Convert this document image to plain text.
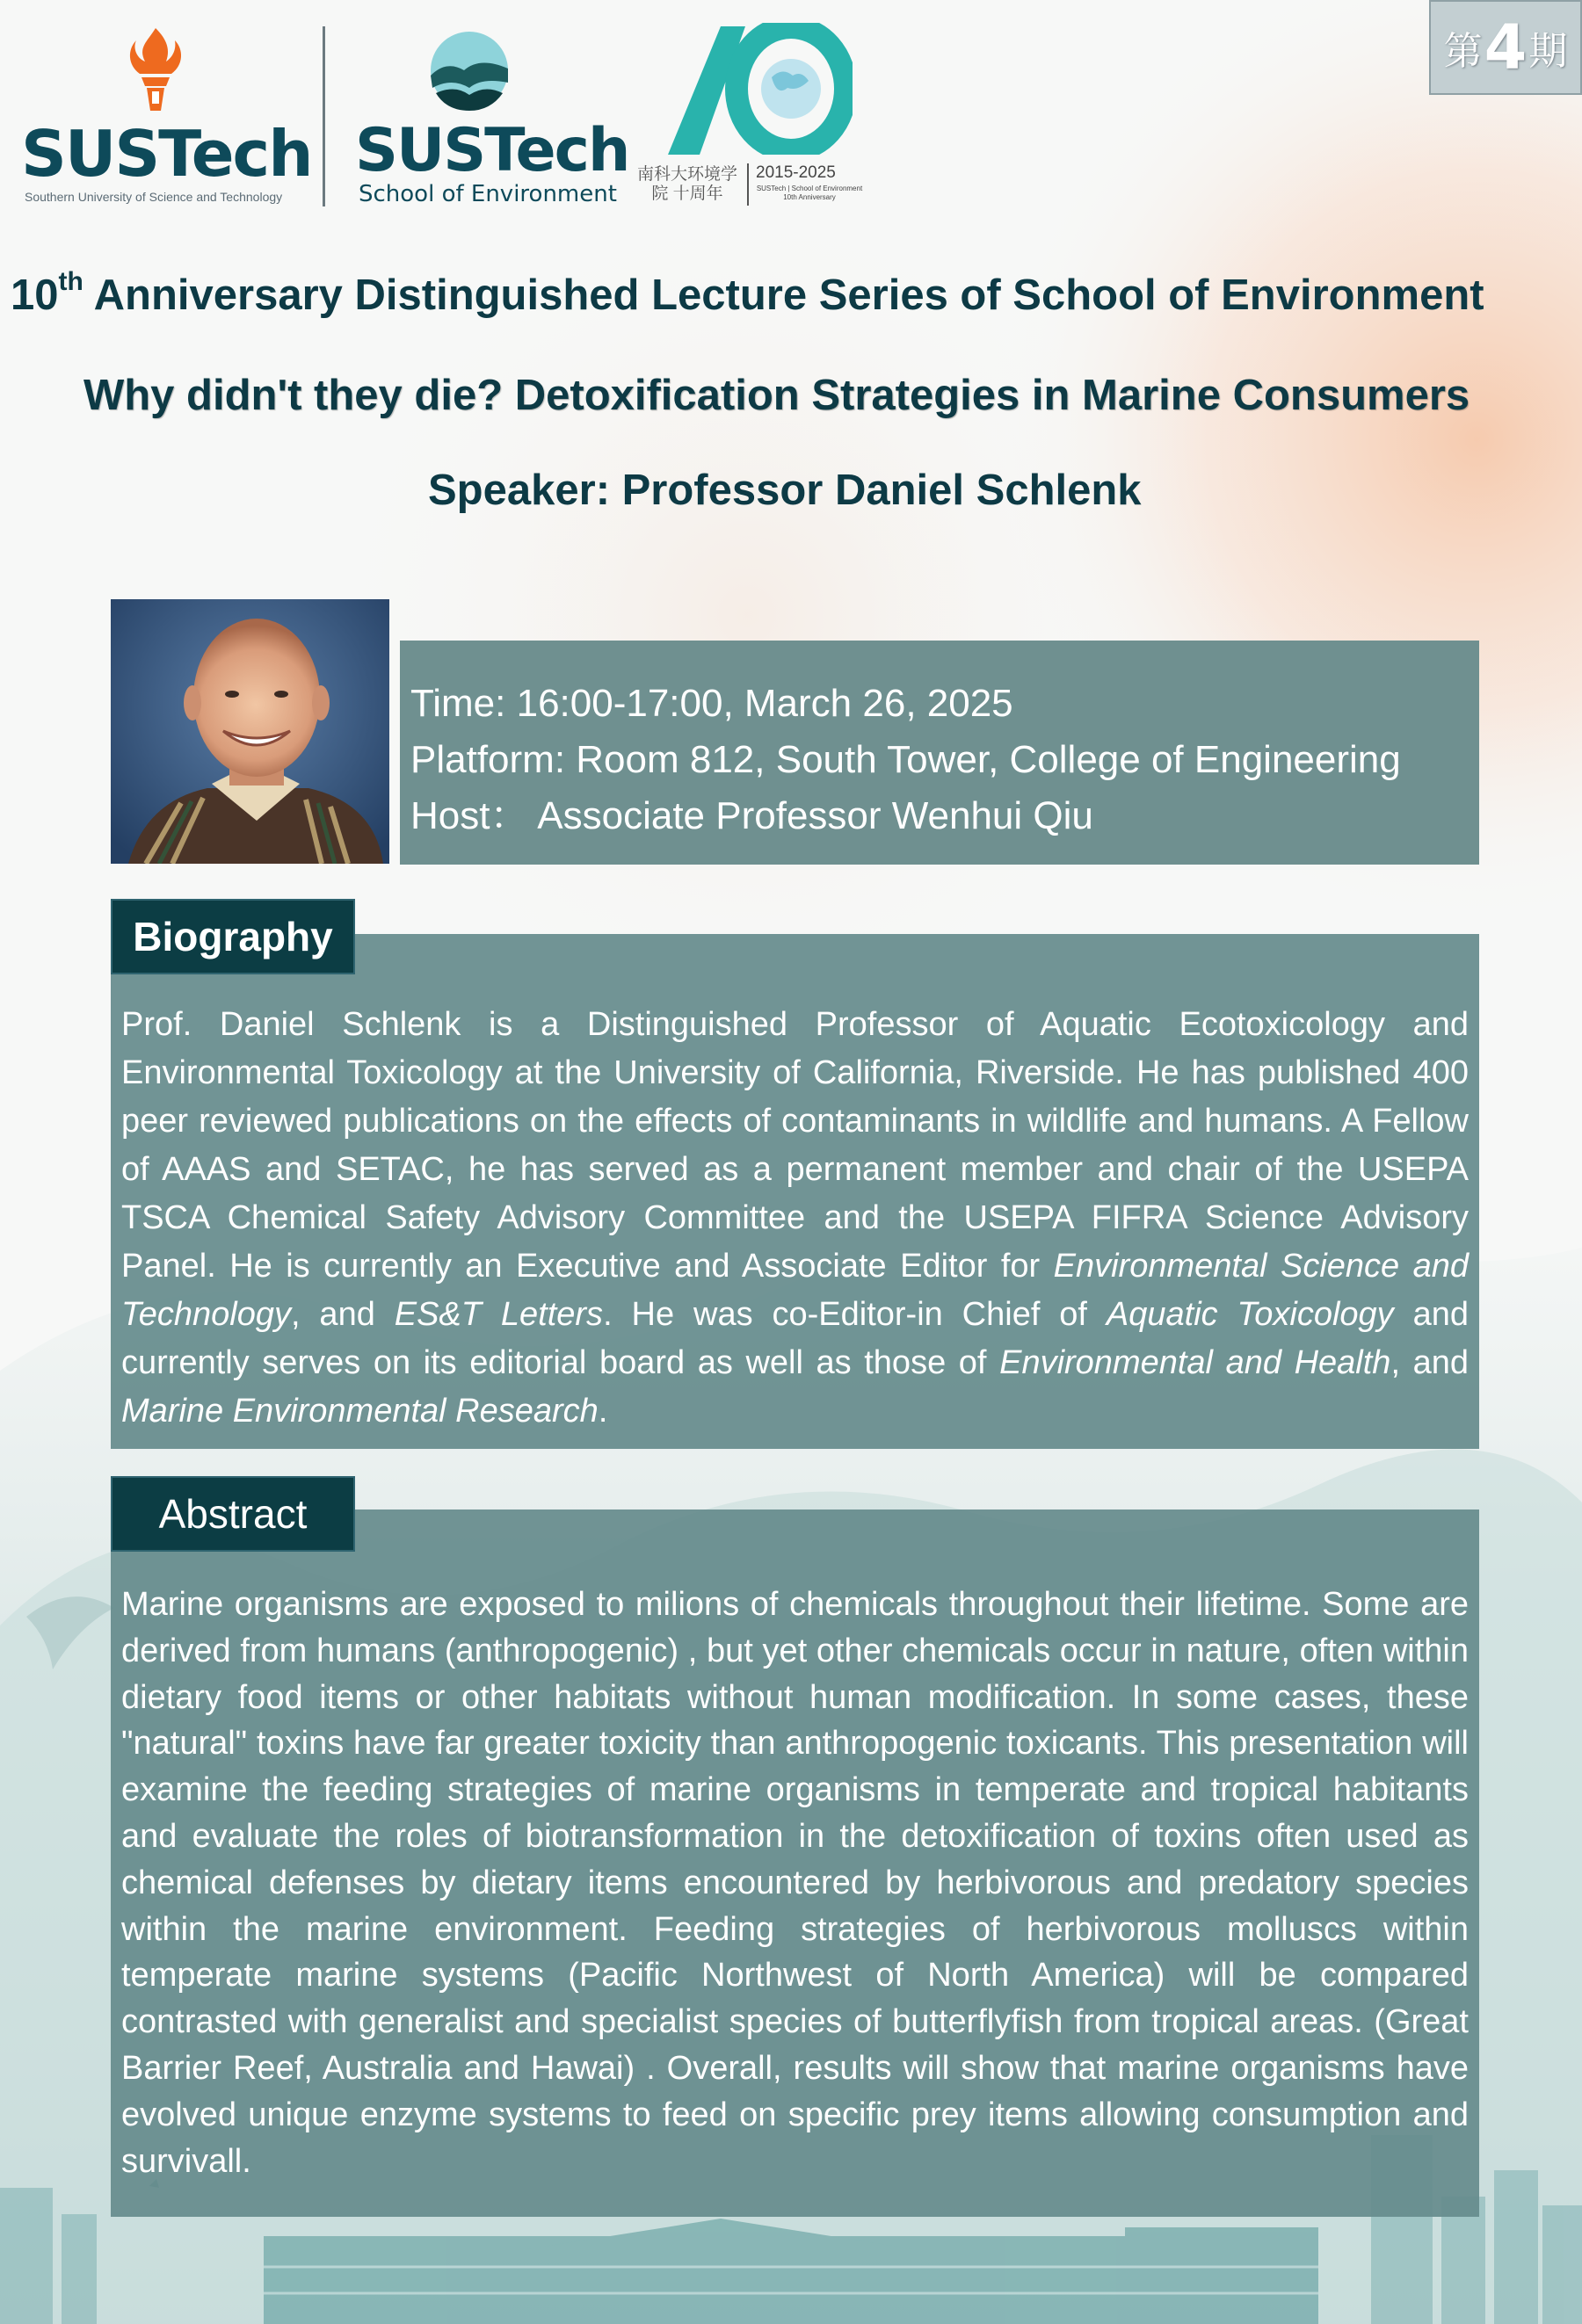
第 4 期
SUSTech
Southern University of Science and Technology
SUSTech
School of Environment
南科大环境学院 十周年
2015-2025
SUSTech | School of Environment 10th Anniversary
10th Anniversary Distinguished Lecture Series of School of Environment
Why didn't they die? Detoxification Strategies in Marine Consumers
Speaker: Professor Daniel Schlenk
Time: 16:00-17:00, March 26, 2025
Platform: Room 812, South Tower, College of Engineering
Host： Associate Professor Wenhui Qiu

Prof. Daniel Schlenk is a Distinguished Professor of Aquatic Ecotoxicology and Environmental Toxicology at the University of California, Riverside. He has published 400 peer reviewed publications on the effects of contaminants in wildlife and humans. A Fellow of AAAS and SETAC, he has served as a permanent member and chair of the USEPA TSCA Chemical Safety Advisory Committee and the USEPA FIFRA Science Advisory Panel. He is currently an Executive and Associate Editor for Environmental Science and Technology, and ES&T Letters. He was co-Editor-in Chief of Aquatic Toxicology and currently serves on its editorial board as well as those of Environmental and Health, and Marine Environmental Research.

Biography

Marine organisms are exposed to milions of chemicals throughout their lifetime. Some are derived from humans (anthropogenic) , but yet other chemicals occur in nature, often within dietary food items or other habitats without human modification. In some cases, these "natural" toxins have far greater toxicity than anthropogenic toxicants. This presentation will examine the feeding strategies of marine organisms in temperate and tropical habitants and evaluate the roles of biotransformation in the detoxification of toxins often used as chemical defenses by dietary items encountered by herbivorous and predatory species within the marine environment. Feeding strategies of herbivorous molluscs within temperate marine systems (Pacific Northwest of North America) will be compared contrasted with generalist and specialist species of butterflyfish from tropical areas. (Great Barrier Reef, Australia and Hawai) . Overall, results will show that marine organisms have evolved unique enzyme systems to feed on specific prey items allowing consumption and survivall.

Abstract
